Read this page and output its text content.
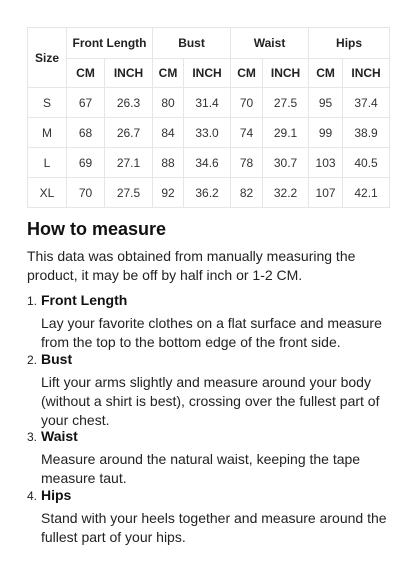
Size	Front Length		Bust		Waist		Hips	
	CM	INCH	CM	INCH	CM	INCH	CM	INCH
S	67	26.3	80	31.4	70	27.5	95	37.4
M	68	26.7	84	33.0	74	29.1	99	38.9
L	69	27.1	88	34.6	78	30.7	103	40.5
XL	70	27.5	92	36.2	82	32.2	107	42.1
How to measure

This data was obtained from manually measuring the product, it may be off by half inch or 1-2 CM.

1. Front Length

Lay your favorite clothes on a flat surface and measure from the top to the bottom edge of the front side.

2. Bust

Lift your arms slightly and measure around your body (without a shirt is best), crossing over the fullest part of your chest.

3. Waist

Measure around the natural waist, keeping the tape measure taut.

4. Hips

Stand with your heels together and measure around the fullest part of your hips.
